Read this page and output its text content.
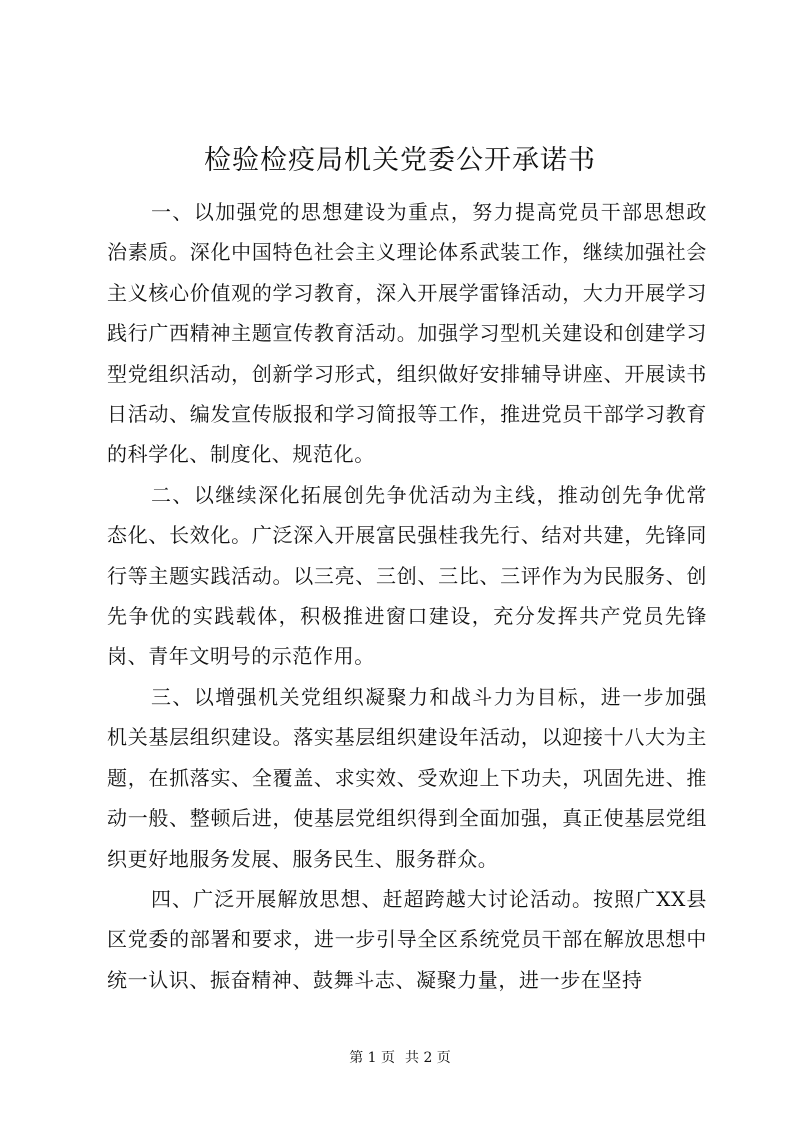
检验检疫局机关党委公开承诺书

一、以加强党的思想建设为重点，努力提高党员干部思想政治素质。深化中国特色社会主义理论体系武装工作，继续加强社会主义核心价值观的学习教育，深入开展学雷锋活动，大力开展学习践行广西精神主题宣传教育活动。加强学习型机关建设和创建学习型党组织活动，创新学习形式，组织做好安排辅导讲座、开展读书日活动、编发宣传版报和学习简报等工作，推进党员干部学习教育的科学化、制度化、规范化。

二、以继续深化拓展创先争优活动为主线，推动创先争优常态化、长效化。广泛深入开展富民强桂我先行、结对共建，先锋同行等主题实践活动。以三亮、三创、三比、三评作为为民服务、创先争优的实践载体，积极推进窗口建设，充分发挥共产党员先锋岗、青年文明号的示范作用。

三、以增强机关党组织凝聚力和战斗力为目标，进一步加强机关基层组织建设。落实基层组织建设年活动，以迎接十八大为主题，在抓落实、全覆盖、求实效、受欢迎上下功夫，巩固先进、推动一般、整顿后进，使基层党组织得到全面加强，真正使基层党组织更好地服务发展、服务民生、服务群众。

四、广泛开展解放思想、赶超跨越大讨论活动。按照广XX县区党委的部署和要求，进一步引导全区系统党员干部在解放思想中统一认识、振奋精神、鼓舞斗志、凝聚力量，进一步在坚持

第 1 页 共 2 页
